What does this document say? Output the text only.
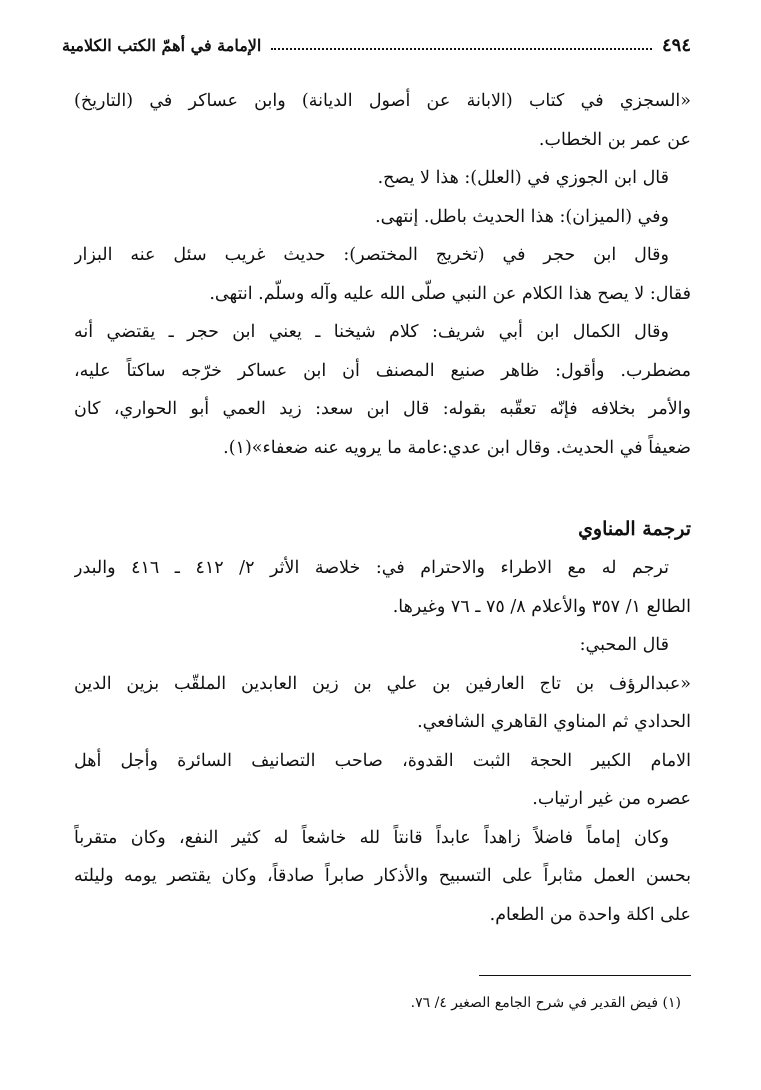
٤٩٤
الإمامة في أهمّ الكتب الكلامية
«السجزي في كتاب (الابانة عن أصول الديانة) وابن عساكر في (التاريخ)
عن عمر بن الخطاب.
قال ابن الجوزي في (العلل): هذا لا يصح.
وفي (الميزان): هذا الحديث باطل. إنتهى.
وقال ابن حجر في (تخريج المختصر): حديث غريب سئل عنه البزار
فقال: لا يصح هذا الكلام عن النبي صلّى الله عليه وآله وسلّم. انتهى.
وقال الكمال ابن أبي شريف: كلام شيخنا ـ يعني ابن حجر ـ يقتضي أنه
مضطرب. وأقول: ظاهر صنيع المصنف أن ابن عساكر خرّجه ساكتاً عليه،
والأمر بخلافه فإنّه تعقّبه بقوله: قال ابن سعد: زيد العمي أبو الحواري، كان
ضعيفاً في الحديث. وقال ابن عدي:عامة ما يرويه عنه ضعفاء»(١).
ترجمة المناوي
ترجم له مع الاطراء والاحترام في: خلاصة الأثر ٢/ ٤١٢ ـ ٤١٦ والبدر
الطالع ١/ ٣٥٧ والأعلام ٨/ ٧٥ ـ ٧٦ وغيرها.
قال المحبي:
«عبدالرؤف بن تاج العارفين بن علي بن زين العابدين الملقّب بزين الدين
الحدادي ثم المناوي القاهري الشافعي.
الامام الكبير الحجة الثبت القدوة، صاحب التصانيف السائرة وأجل أهل
عصره من غير ارتياب.
وكان إماماً فاضلاً زاهداً عابداً قانتاً لله خاشعاً له كثير النفع، وكان متقرباً
بحسن العمل مثابراً على التسبيح والأذكار صابراً صادقاً، وكان يقتصر يومه وليلته
على اكلة واحدة من الطعام.
(١) فيض القدير في شرح الجامع الصغير ٤/ ٧٦.
